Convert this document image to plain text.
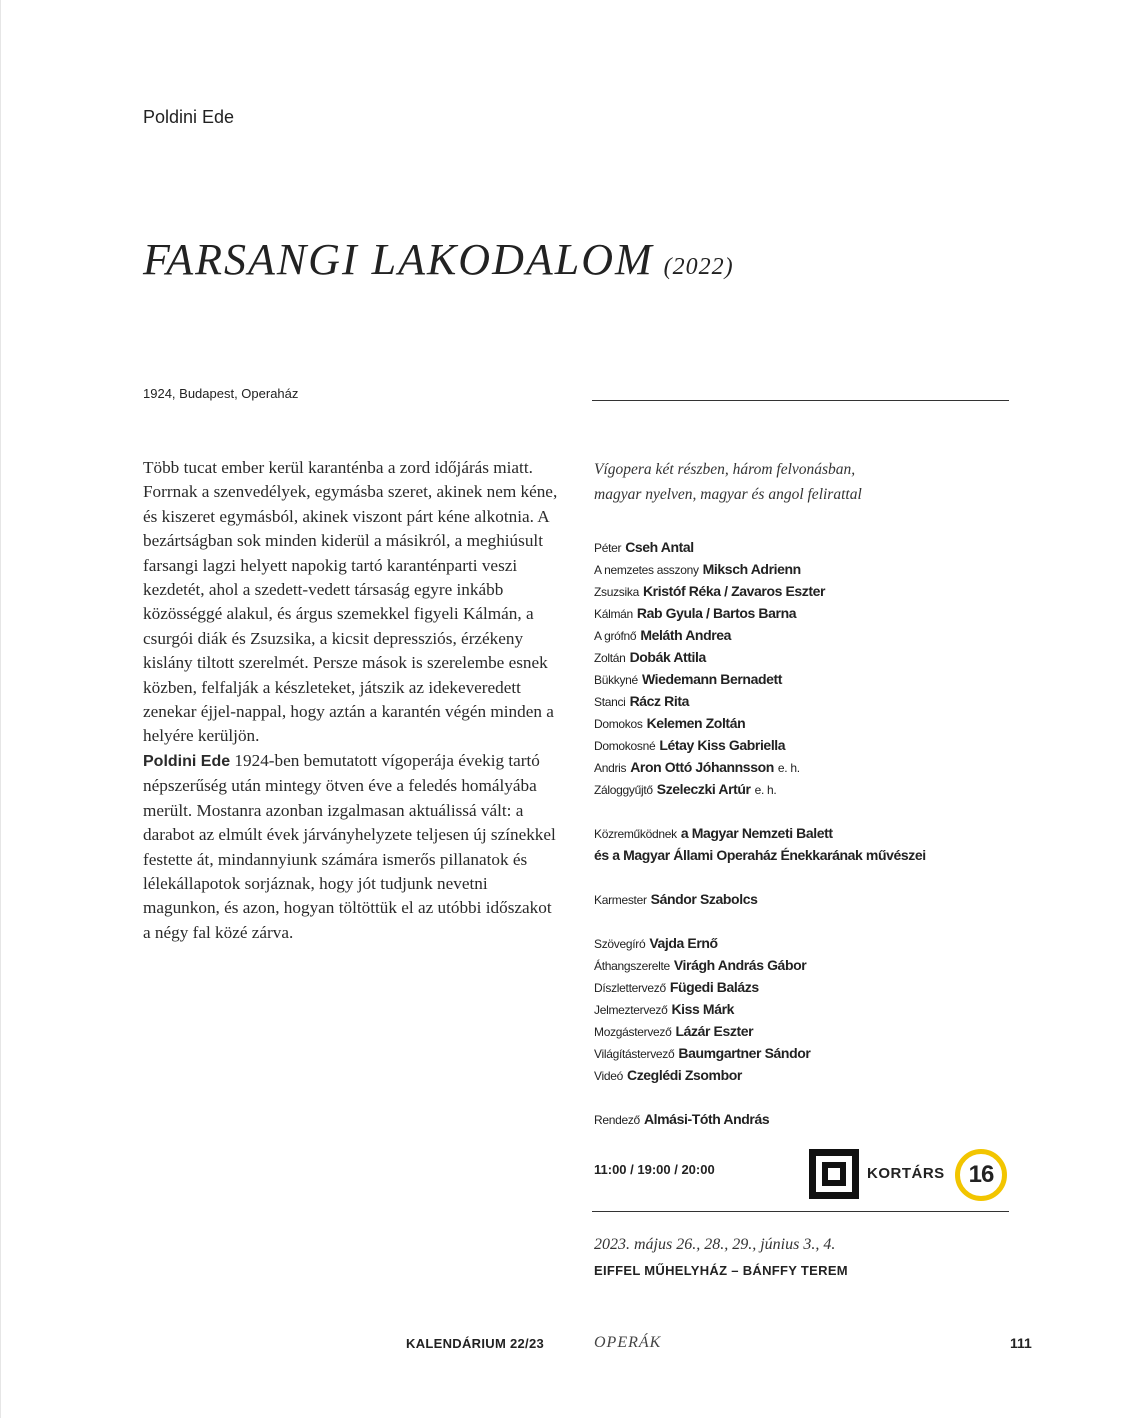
Poldini Ede
FARSANGI LAKODALOM (2022)
1924, Budapest, Operaház

Több tucat ember kerül karanténba a zord időjárás miatt. Forrnak a szenvedélyek, egymásba szeret, akinek nem kéne, és kiszeret egymásból, akinek viszont párt kéne alkotnia. A bezártságban sok minden kiderül a másikról, a meghiúsult farsangi lagzi helyett napokig tartó karanténparti veszi kezdetét, ahol a szedett-vedett társaság egyre inkább közösséggé alakul, és árgus szemekkel figyeli Kálmán, a csurgói diák és Zsuzsika, a kicsit depressziós, érzékeny kislány tiltott szerelmét. Persze mások is szerelembe esnek közben, felfalják a készleteket, játszik az idekeveredett zenekar éjjel-nappal, hogy aztán a karantén végén minden a helyére kerüljön.

Poldini Ede 1924-ben bemutatott vígoperája évekig tartó népszerűség után mintegy ötven éve a feledés homályába merült. Mostanra azonban izgalmasan aktuálissá vált: a darabot az elmúlt évek járványhelyzete teljesen új színekkel festette át, mindannyiunk számára ismerős pillanatok és lélekállapotok sorjáznak, hogy jót tudjunk nevetni magunkon, és azon, hogyan töltöttük el az utóbbi időszakot a négy fal közé zárva.

Vígopera két részben, három felvonásban,
magyar nyelven, magyar és angol felirattal
Péter Cseh Antal
A nemzetes asszony Miksch Adrienn
Zsuzsika Kristóf Réka / Zavaros Eszter
Kálmán Rab Gyula / Bartos Barna
A grófnő Meláth Andrea
Zoltán Dobák Attila
Bükkyné Wiedemann Bernadett
Stanci Rácz Rita
Domokos Kelemen Zoltán
Domokosné Létay Kiss Gabriella
Andris Aron Ottó Jóhannsson e. h.
Záloggyűjtő Szeleczki Artúr e. h.
Közreműködnek a Magyar Nemzeti Balett
és a Magyar Állami Operaház Énekkarának művészei
Karmester Sándor Szabolcs
Szövegíró Vajda Ernő
Áthangszerelte Virágh András Gábor
Díszlettervező Fügedi Balázs
Jelmeztervező Kiss Márk
Mozgástervező Lázár Eszter
Világítástervező Baumgartner Sándor
Videó Czeglédi Zsombor
Rendező Almási-Tóth András
11:00 / 19:00 / 20:00	KORTÁRS 16
2023. május 26., 28., 29., június 3., 4.
EIFFEL MŰHELYHÁZ – BÁNFFY TEREM
KALENDÁRIUM 22/23	OPERÁK	111
